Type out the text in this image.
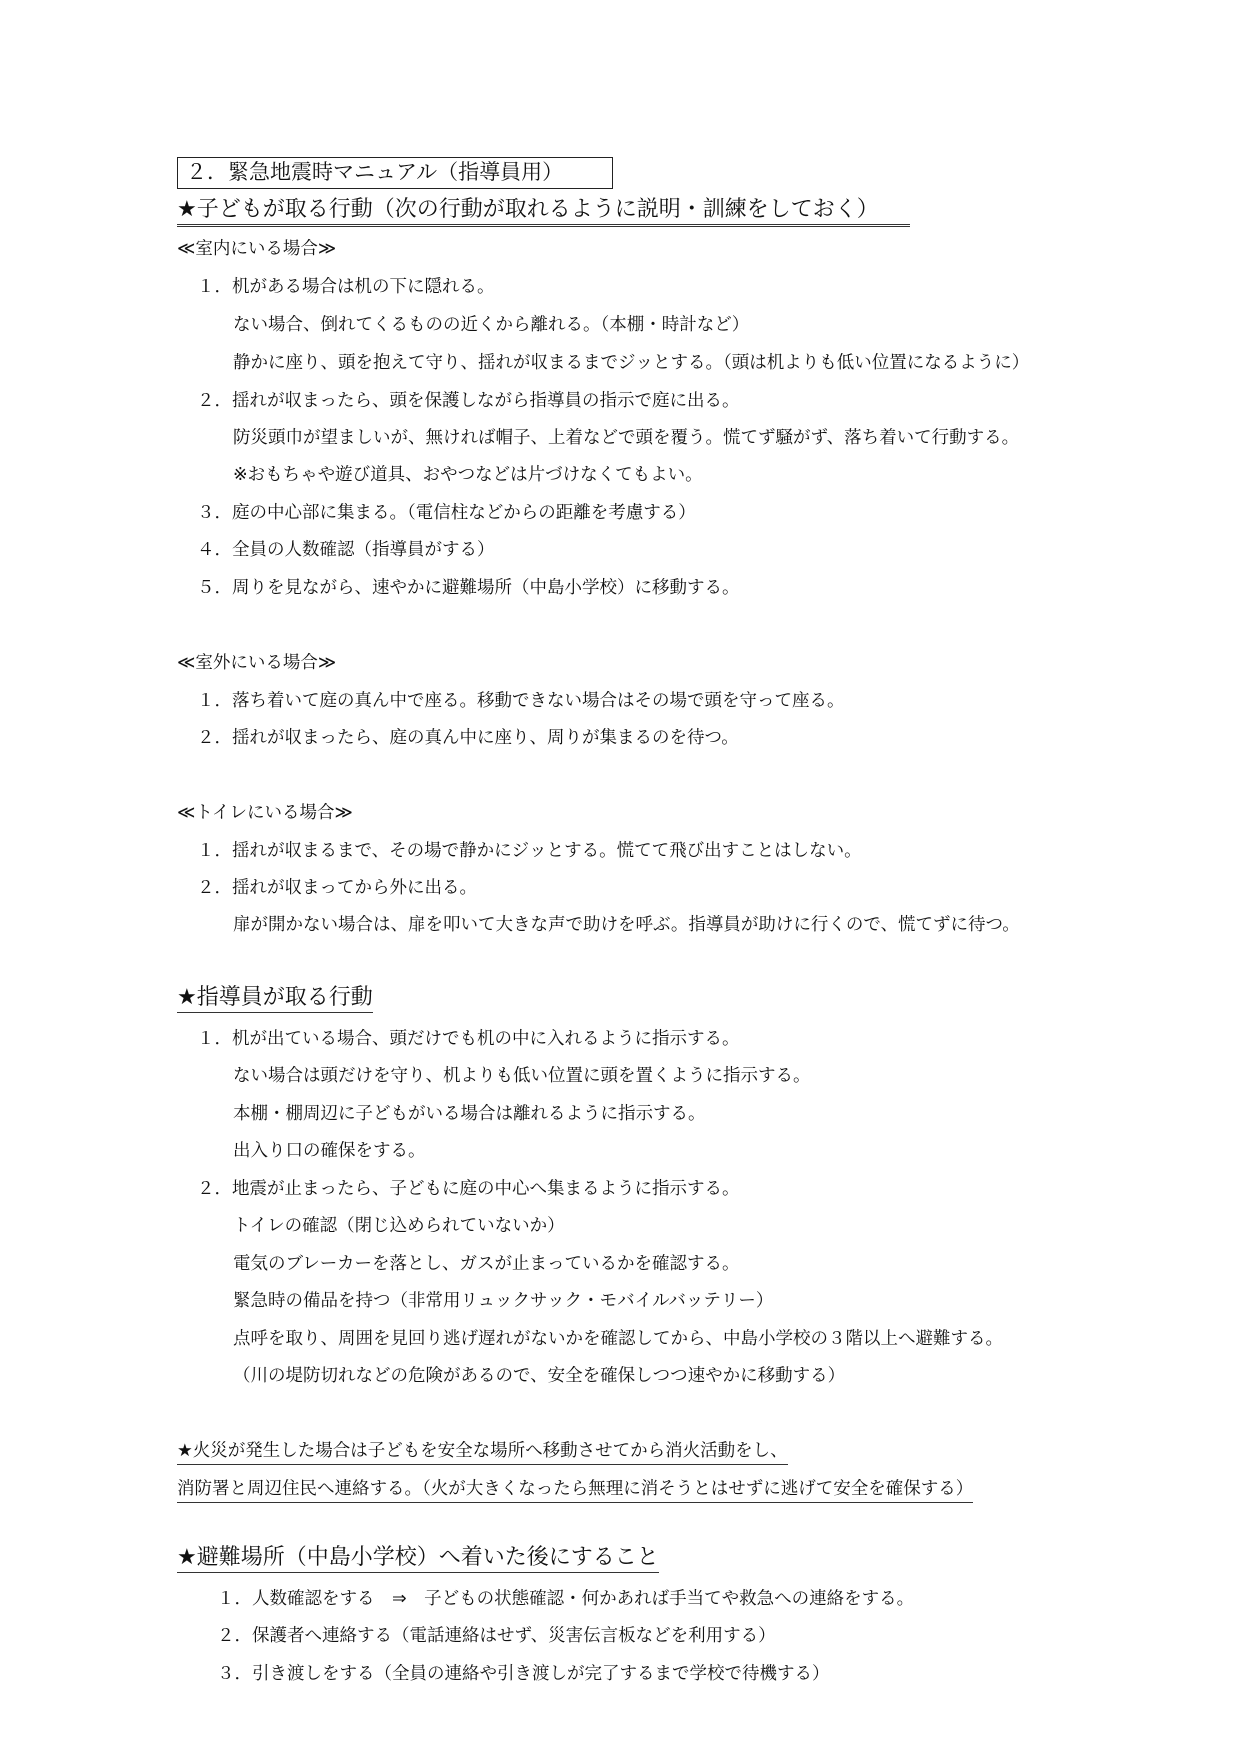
２．緊急地震時マニュアル（指導員用）
★子どもが取る行動（次の行動が取れるように説明・訓練をしておく）
≪室内にいる場合≫
１．机がある場合は机の下に隠れる。
ない場合、倒れてくるものの近くから離れる。（本棚・時計など）
静かに座り、頭を抱えて守り、揺れが収まるまでジッとする。（頭は机よりも低い位置になるように）
２．揺れが収まったら、頭を保護しながら指導員の指示で庭に出る。
防災頭巾が望ましいが、無ければ帽子、上着などで頭を覆う。慌てず騒がず、落ち着いて行動する。
※おもちゃや遊び道具、おやつなどは片づけなくてもよい。
３．庭の中心部に集まる。（電信柱などからの距離を考慮する）
４．全員の人数確認（指導員がする）
５．周りを見ながら、速やかに避難場所（中島小学校）に移動する。
≪室外にいる場合≫
１．落ち着いて庭の真ん中で座る。移動できない場合はその場で頭を守って座る。
２．揺れが収まったら、庭の真ん中に座り、周りが集まるのを待つ。
≪トイレにいる場合≫
１．揺れが収まるまで、その場で静かにジッとする。慌てて飛び出すことはしない。
２．揺れが収まってから外に出る。
扉が開かない場合は、扉を叩いて大きな声で助けを呼ぶ。指導員が助けに行くので、慌てずに待つ。
★指導員が取る行動
１．机が出ている場合、頭だけでも机の中に入れるように指示する。
ない場合は頭だけを守り、机よりも低い位置に頭を置くように指示する。
本棚・棚周辺に子どもがいる場合は離れるように指示する。
出入り口の確保をする。
２．地震が止まったら、子どもに庭の中心へ集まるように指示する。
トイレの確認（閉じ込められていないか）
電気のブレーカーを落とし、ガスが止まっているかを確認する。
緊急時の備品を持つ（非常用リュックサック・モバイルバッテリー）
点呼を取り、周囲を見回り逃げ遅れがないかを確認してから、中島小学校の３階以上へ避難する。
（川の堤防切れなどの危険があるので、安全を確保しつつ速やかに移動する）
★火災が発生した場合は子どもを安全な場所へ移動させてから消火活動をし、
消防署と周辺住民へ連絡する。（火が大きくなったら無理に消そうとはせずに逃げて安全を確保する）
★避難場所（中島小学校）へ着いた後にすること
１．人数確認をする　⇒　子どもの状態確認・何かあれば手当てや救急への連絡をする。
２．保護者へ連絡する（電話連絡はせず、災害伝言板などを利用する）
３．引き渡しをする（全員の連絡や引き渡しが完了するまで学校で待機する）
